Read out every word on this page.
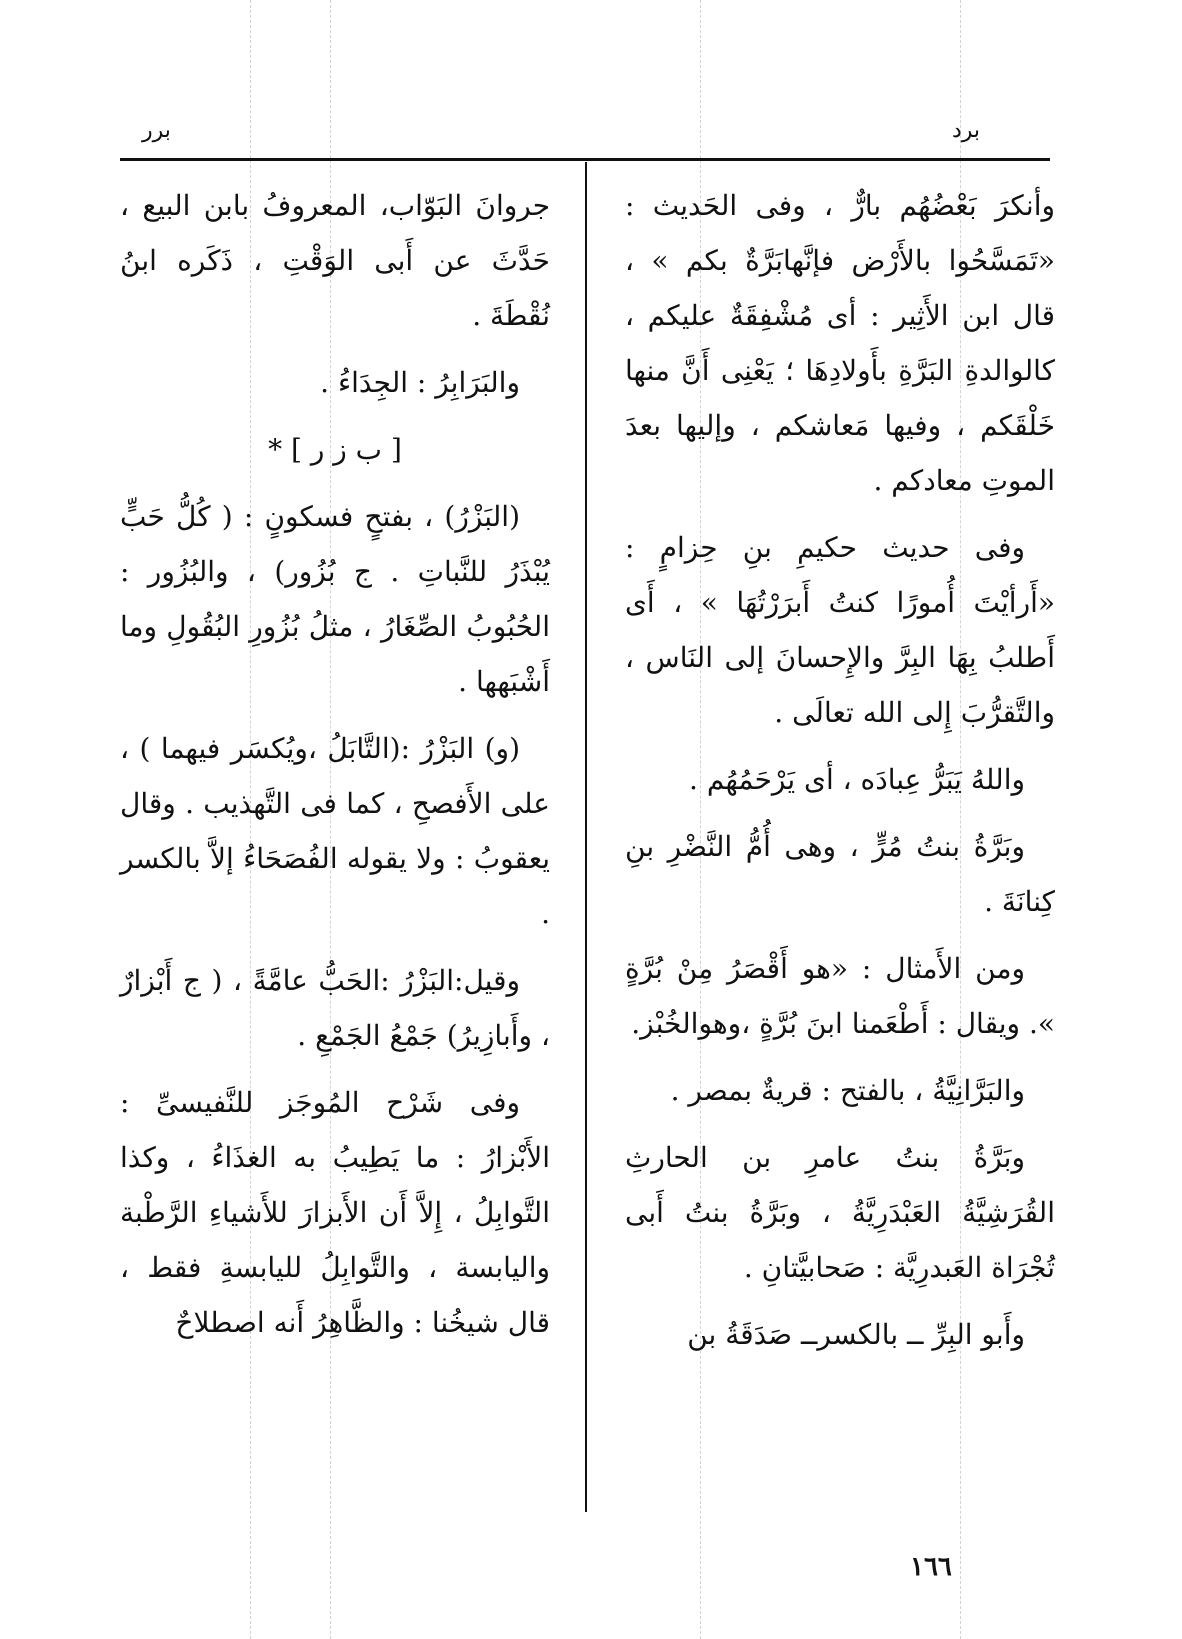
برد
برر

وأنكرَ بَعْضُهُم بارٌّ ، وفى الحَديث : «تَمَسَّحُوا بالأَرْض فإنَّهابَرَّةٌ بكم » ، قال ابن الأَثِير : أى مُشْفِقَةٌ عليكم ، كالوالدةِ البَرَّةِ بأَولادِهَا ؛ يَعْنِى أَنَّ منها خَلْقَكم ، وفيها مَعاشكم ، وإليها بعدَ الموتِ معادكم .

وفى حديث حكيمِ بنِ حِزامٍ : «أَرأيْتَ أُمورًا كنتُ أَبرَرْتُهَا » ، أَى أَطلبُ بِهَا البِرَّ والإِحسانَ إلى النَاس ، والتَّقرُّبَ إِلى الله تعالَى .

واللهُ يَبَرُّ عِبادَه ، أى يَرْحَمُهُم .

وبَرَّةُ بنتُ مُرٍّ ، وهى أُمُّ النَّضْرِ بنِ كِنانَةَ .

ومن الأَمثال : «هو أَقْصَرُ مِنْ بُرَّةٍ ». ويقال : أَطْعَمنا ابنَ بُرَّةٍ ،وهوالخُبْز.

والبَرَّانِيَّةُ ، بالفتح : قريةٌ بمصر .

وبَرَّةُ بنتُ عامرِ بن الحارثِ القُرَشِيَّةُ العَبْدَرِيَّةُ ، وبَرَّةُ بنتُ أَبى تُجْرَاة العَبدرِيَّة : صَحابيَّتانِ .

وأَبو البِرِّ ــ بالكسرــ صَدَقَةُ بن

جروانَ البَوّاب، المعروفُ بابن البيع ، حَدَّثَ عن أَبى الوَقْتِ ، ذَكَره ابنُ نُقْطَةَ .

والبَرَابِرُ : الجِدَاءُ .

[ ب ز ر ] *

(البَزْرُ) ، بفتحٍ فسكونٍ : ( كُلُّ حَبٍّ يُبْذَرُ للنَّباتِ . ج بُزُور) ، والبُزُور : الحُبُوبُ الصِّغَارُ ، مثلُ بُزُورِ البُقُولِ وما أَشْبَهها .

(و) البَزْرُ :(التَّابَلُ ،ويُكسَر فيهما ) ، على الأَفصحِ ، كما فى التَّهذيب . وقال يعقوبُ : ولا يقوله الفُصَحَاءُ إلاَّ بالكسر .

وقيل:البَزْرُ :الحَبُّ عامَّةً ، ( ج أَبْزارٌ ، وأَبازِيرُ) جَمْعُ الجَمْعِ .

وفى شَرْح المُوجَز للنَّفيسىِّ : الأَبْزارُ : ما يَطِيبُ به الغذَاءُ ، وكذا التَّوابِلُ ، إِلاَّ أَن الأَبزارَ للأَشياءِ الرَّطْبة واليابسة ، والتَّوابِلُ لليابسةِ فقط ، قال شيخُنا : والظَّاهِرُ أَنه اصطلاحٌ

١٦٦
